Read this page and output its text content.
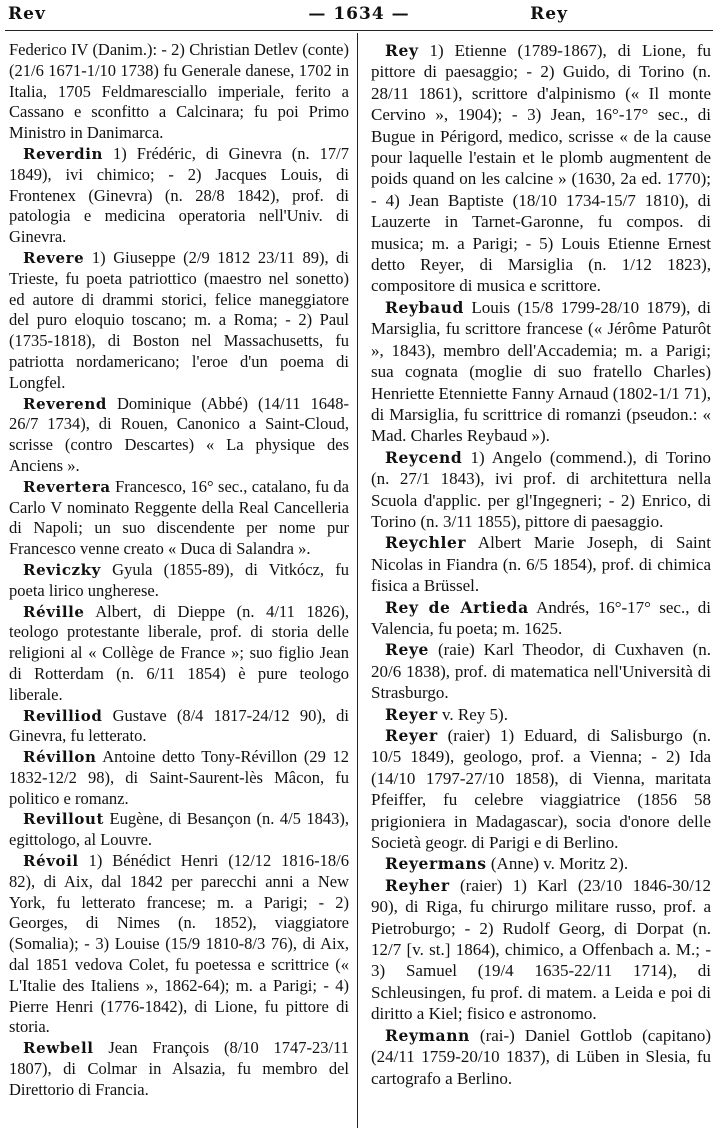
Rev	— 1634 —	Rey

Federico IV (Danim.): - 2) Christian Detlev (conte) (21/6 1671-1/10 1738) fu Generale danese, 1702 in Italia, 1705 Feldmaresciallo imperiale, ferito a Cassano e sconfitto a Calcinara; fu poi Primo Ministro in Danimarca.

Reverdin 1) Frédéric, di Ginevra (n. 17/7 1849), ivi chimico; - 2) Jacques Louis, di Frontenex (Ginevra) (n. 28/8 1842), prof. di patologia e medicina operatoria nell'Univ. di Ginevra.

Revere 1) Giuseppe (2/9 1812 23/11 89), di Trieste, fu poeta patriottico (maestro nel sonetto) ed autore di drammi storici, felice maneggiatore del puro eloquio toscano; m. a Roma; - 2) Paul (1735-1818), di Boston nel Massachusetts, fu patriotta nordamericano; l'eroe d'un poema di Longfel.

Reverend Dominique (Abbé) (14/11 1648-26/7 1734), di Rouen, Canonico a Saint-Cloud, scrisse (contro Descartes) « La physique des Anciens ».

Revertera Francesco, 16° sec., catalano, fu da Carlo V nominato Reggente della Real Cancelleria di Napoli; un suo discendente per nome pur Francesco venne creato « Duca di Salandra ».

Reviczky Gyula (1855-89), di Vitkócz, fu poeta lirico ungherese.

Réville Albert, di Dieppe (n. 4/11 1826), teologo protestante liberale, prof. di storia delle religioni al « Collège de France »; suo figlio Jean di Rotterdam (n. 6/11 1854) è pure teologo liberale.

Revilliod Gustave (8/4 1817-24/12 90), di Ginevra, fu letterato.

Révillon Antoine detto Tony-Révillon (29 12 1832-12/2 98), di Saint-Saurent-lès Mâcon, fu politico e romanz.

Revillout Eugène, di Besançon (n. 4/5 1843), egittologo, al Louvre.

Révoil 1) Bénédict Henri (12/12 1816-18/6 82), di Aix, dal 1842 per parecchi anni a New York, fu letterato francese; m. a Parigi; - 2) Georges, di Nimes (n. 1852), viaggiatore (Somalia); - 3) Louise (15/9 1810-8/3 76), di Aix, dal 1851 vedova Colet, fu poetessa e scrittrice (« L'Italie des Italiens », 1862-64); m. a Parigi; - 4) Pierre Henri (1776-1842), di Lione, fu pittore di storia.

Rewbell Jean François (8/10 1747-23/11 1807), di Colmar in Alsazia, fu membro del Direttorio di Francia.

Rey 1) Etienne (1789-1867), di Lione, fu pittore di paesaggio; - 2) Guido, di Torino (n. 28/11 1861), scrittore d'alpinismo (« Il monte Cervino », 1904); - 3) Jean, 16°-17° sec., di Bugue in Périgord, medico, scrisse « de la cause pour laquelle l'estain et le plomb augmentent de poids quand on les calcine » (1630, 2a ed. 1770); - 4) Jean Baptiste (18/10 1734-15/7 1810), di Lauzerte in Tarnet-Garonne, fu compos. di musica; m. a Parigi; - 5) Louis Etienne Ernest detto Reyer, di Marsiglia (n. 1/12 1823), compositore di musica e scrittore.

Reybaud Louis (15/8 1799-28/10 1879), di Marsiglia, fu scrittore francese (« Jérôme Paturôt », 1843), membro dell'Accademia; m. a Parigi; sua cognata (moglie di suo fratello Charles) Henriette Etenniette Fanny Arnaud (1802-1/1 71), di Marsiglia, fu scrittrice di romanzi (pseudon.: « Mad. Charles Reybaud »).

Reycend 1) Angelo (commend.), di Torino (n. 27/1 1843), ivi prof. di architettura nella Scuola d'applic. per gl'Ingegneri; - 2) Enrico, di Torino (n. 3/11 1855), pittore di paesaggio.

Reychler Albert Marie Joseph, di Saint Nicolas in Fiandra (n. 6/5 1854), prof. di chimica fisica a Brüssel.

Rey de Artieda Andrés, 16°-17° sec., di Valencia, fu poeta; m. 1625.

Reye (raie) Karl Theodor, di Cuxhaven (n. 20/6 1838), prof. di matematica nell'Università di Strasburgo.

Reyer v. Rey 5).

Reyer (raier) 1) Eduard, di Salisburgo (n. 10/5 1849), geologo, prof. a Vienna; - 2) Ida (14/10 1797-27/10 1858), di Vienna, maritata Pfeiffer, fu celebre viaggiatrice (1856 58 prigioniera in Madagascar), socia d'onore delle Società geogr. di Parigi e di Berlino.

Reyermans (Anne) v. Moritz 2).

Reyher (raier) 1) Karl (23/10 1846-30/12 90), di Riga, fu chirurgo militare russo, prof. a Pietroburgo; - 2) Rudolf Georg, di Dorpat (n. 12/7 [v. st.] 1864), chimico, a Offenbach a. M.; - 3) Samuel (19/4 1635-22/11 1714), di Schleusingen, fu prof. di matem. a Leida e poi di diritto a Kiel; fisico e astronomo.

Reymann (rai-) Daniel Gottlob (capitano) (24/11 1759-20/10 1837), di Lüben in Slesia, fu cartografo a Berlino.
